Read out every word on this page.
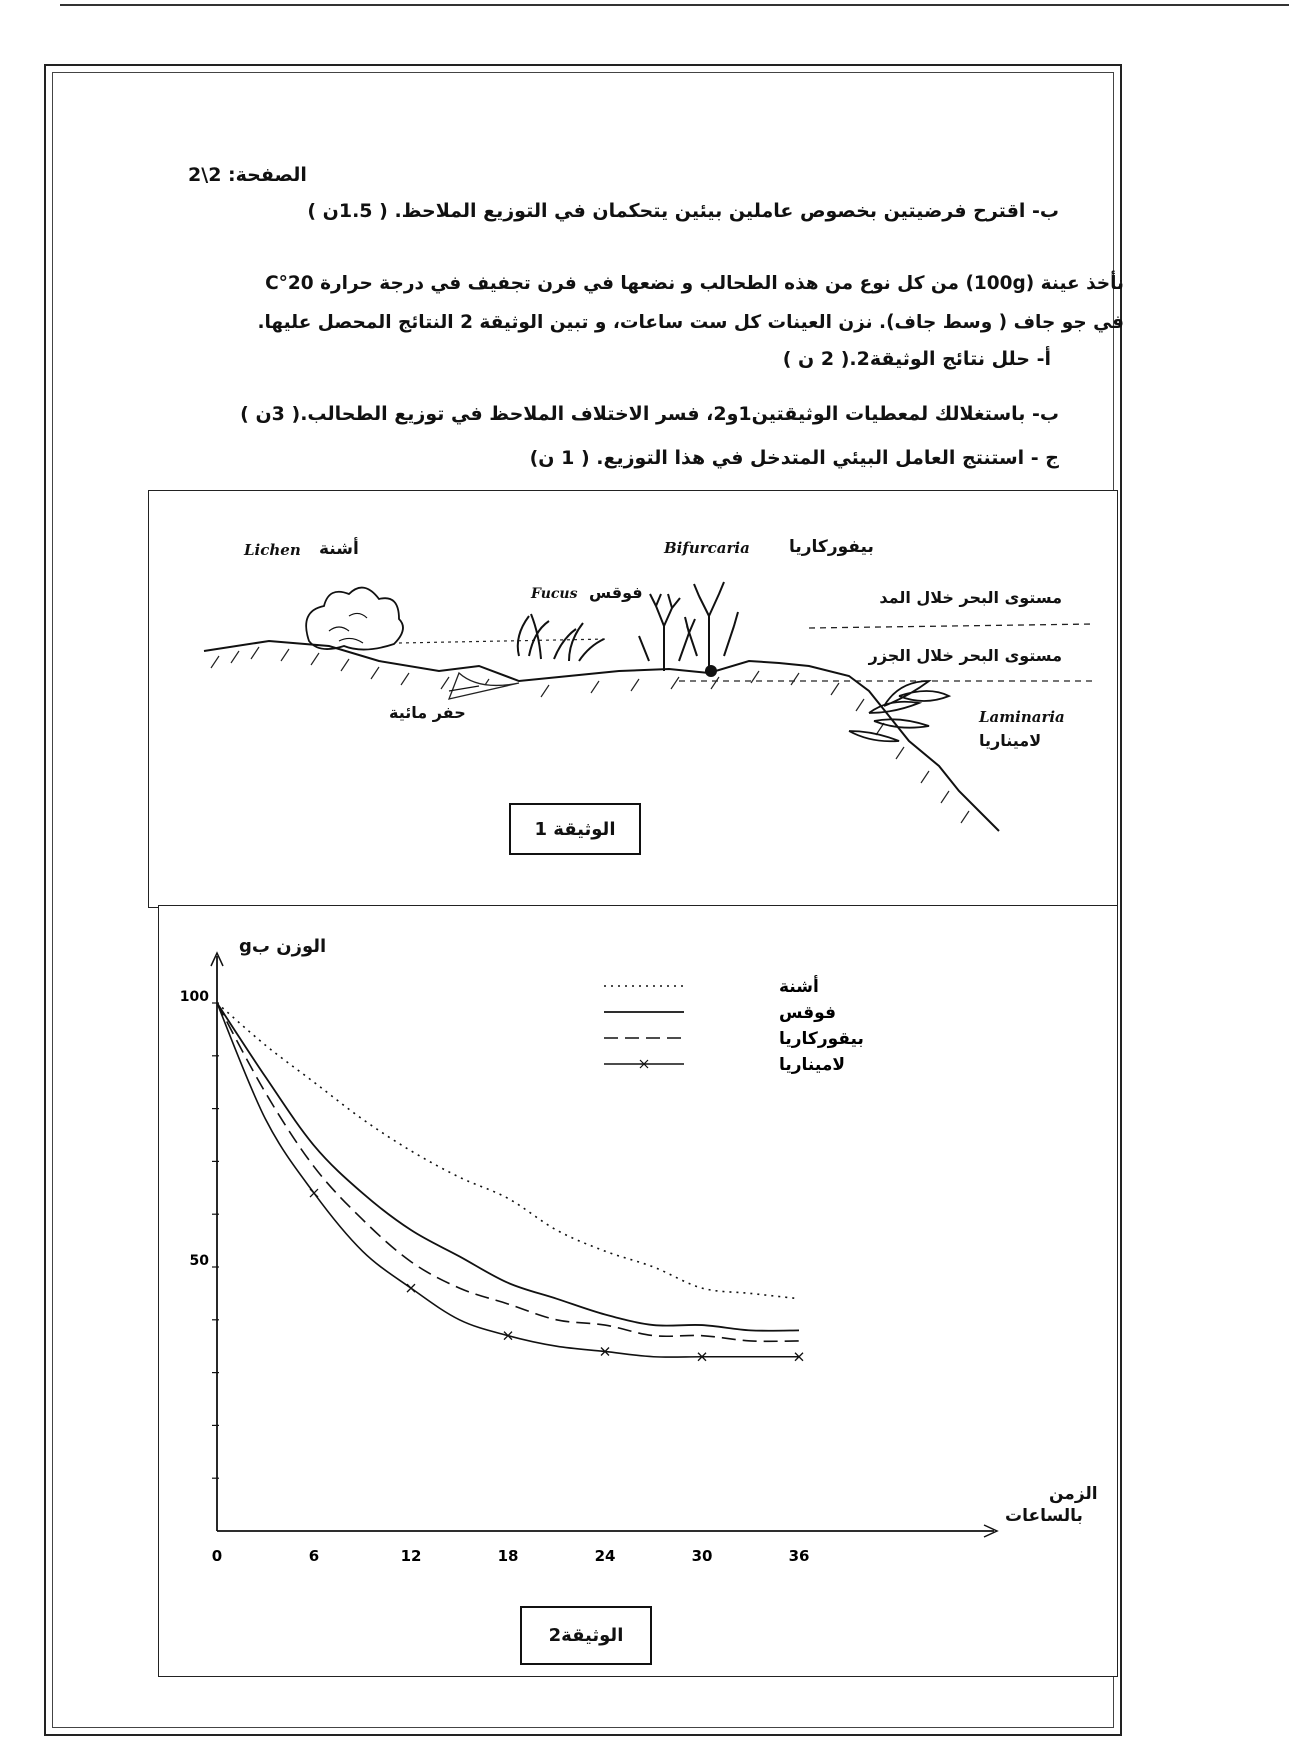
الصفحة: 2\2
ب- اقترح فرضيتين بخصوص عاملين بيئين يتحكمان في التوزيع الملاحظ. ( 1.5ن )
نأخذ عينة (100g) من كل نوع من هذه الطحالب و نضعها في فرن تجفيف في درجة حرارة 20°C
في جو جاف ( وسط جاف). نزن العينات كل ست ساعات، و تبين الوثيقة 2 النتائج المحصل عليها.
أ- حلل نتائج الوثيقة2.( 2 ن )
ب- باستغلالك لمعطيات الوثيقتين1و2، فسر الاختلاف الملاحظ في توزيع الطحالب.( 3ن )
ج - استنتج العامل البيئي المتدخل في هذا التوزيع. ( 1 ن)
Lichen أشنة
Fucus فوقس
Bifurcaria بيفوركاريا
مستوى البحر خلال المد
مستوى البحر خلال الجزر
حفر مائية	Laminaria
لاميناريا
الوثيقة 1
50
100
0	6	12	18	24	30	36
أشنة
فوقس
بيقوركاريا
لاميناريا
الوزن بg
الزمن
بالساعات
الوثيقة2
